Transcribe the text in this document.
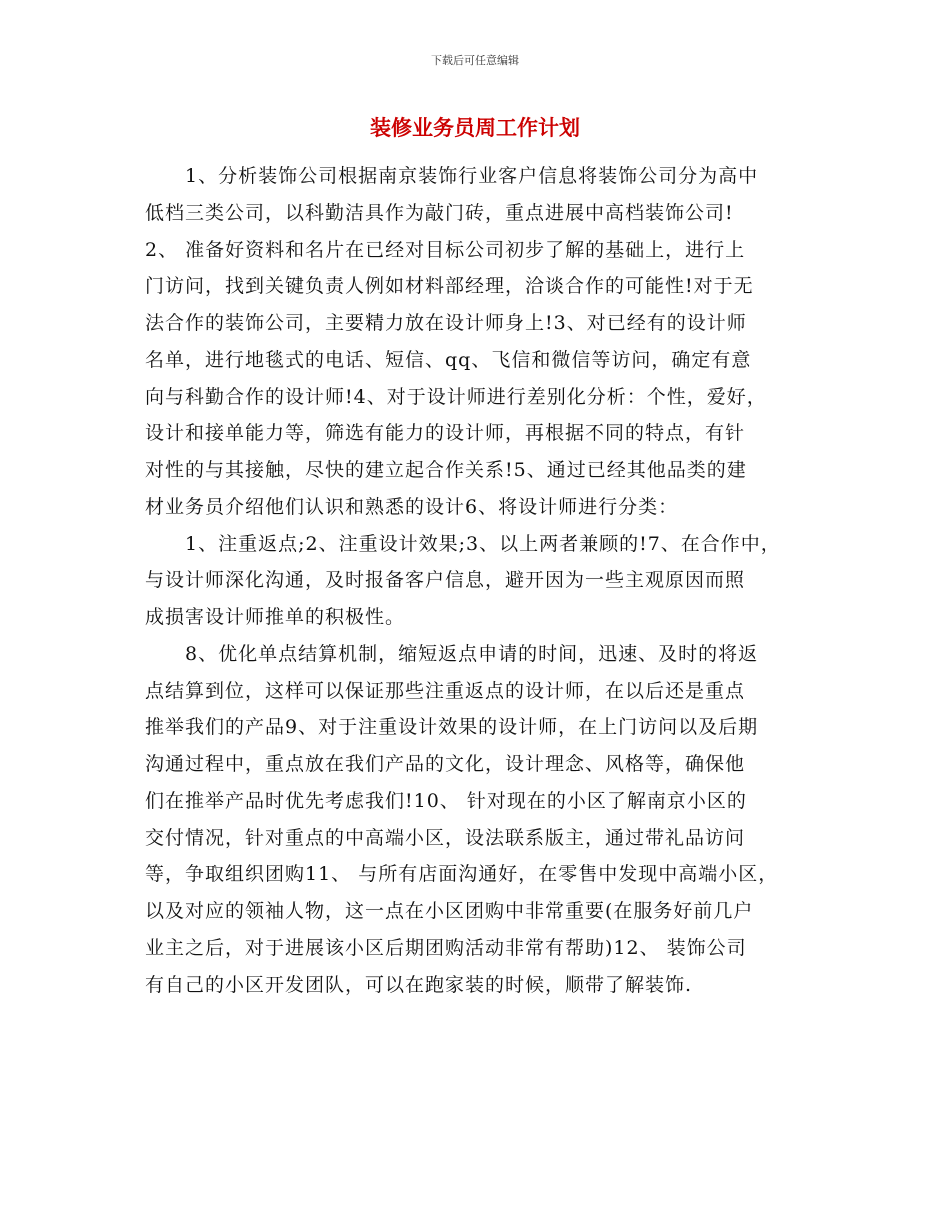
下载后可任意编辑
装修业务员周工作计划
1、分析装饰公司根据南京装饰行业客户信息将装饰公司分为高中
低档三类公司，以科勤洁具作为敲门砖，重点进展中高档装饰公司!
2、 准备好资料和名片在已经对目标公司初步了解的基础上，进行上
门访问，找到关键负责人例如材料部经理，洽谈合作的可能性!对于无
法合作的装饰公司，主要精力放在设计师身上!3、对已经有的设计师
名单，进行地毯式的电话、短信、qq、飞信和微信等访问，确定有意
向与科勤合作的设计师!4、对于设计师进行差别化分析：个性，爱好，
设计和接单能力等，筛选有能力的设计师，再根据不同的特点，有针
对性的与其接触，尽快的建立起合作关系!5、通过已经其他品类的建
材业务员介绍他们认识和熟悉的设计6、将设计师进行分类：
1、注重返点;2、注重设计效果;3、以上两者兼顾的!7、在合作中，
与设计师深化沟通，及时报备客户信息，避开因为一些主观原因而照
成损害设计师推单的积极性。
8、优化单点结算机制，缩短返点申请的时间，迅速、及时的将返
点结算到位，这样可以保证那些注重返点的设计师，在以后还是重点
推举我们的产品9、对于注重设计效果的设计师，在上门访问以及后期
沟通过程中，重点放在我们产品的文化，设计理念、风格等，确保他
们在推举产品时优先考虑我们!10、 针对现在的小区了解南京小区的
交付情况，针对重点的中高端小区，设法联系版主，通过带礼品访问
等，争取组织团购11、 与所有店面沟通好，在零售中发现中高端小区，
以及对应的领袖人物，这一点在小区团购中非常重要(在服务好前几户
业主之后，对于进展该小区后期团购活动非常有帮助)12、 装饰公司
有自己的小区开发团队，可以在跑家装的时候，顺带了解装饰.
